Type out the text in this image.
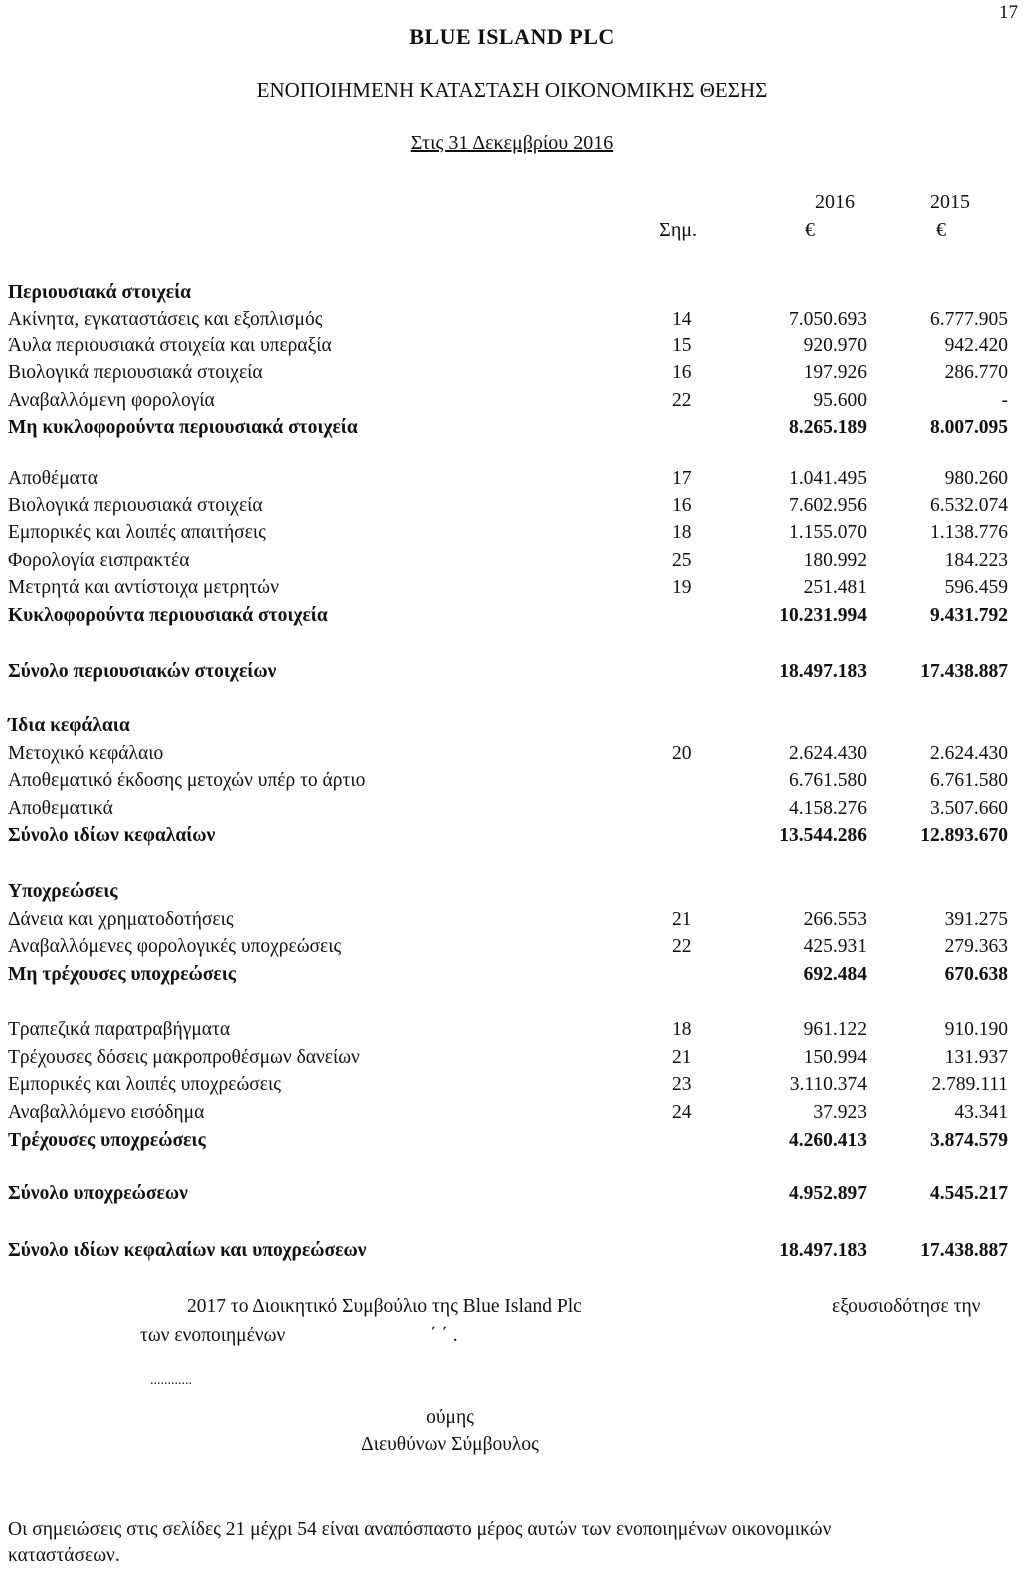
17
BLUE ISLAND PLC
ΕΝΟΠΟΙΗΜΕΝΗ ΚΑΤΑΣΤΑΣΗ ΟΙΚΟΝΟΜΙΚΗΣ ΘΕΣΗΣ
Στις 31 Δεκεμβρίου 2016
2016	2015
Σημ.	€	€
Περιουσιακά στοιχεία
Ακίνητα, εγκαταστάσεις και εξοπλισμός	14	7.050.693	6.777.905
Άυλα περιουσιακά στοιχεία και υπεραξία	15	920.970	942.420
Βιολογικά περιουσιακά στοιχεία	16	197.926	286.770
Αναβαλλόμενη φορολογία	22	95.600	-
Μη κυκλοφορούντα περιουσιακά στοιχεία	8.265.189	8.007.095
Αποθέματα	17	1.041.495	980.260
Βιολογικά περιουσιακά στοιχεία	16	7.602.956	6.532.074
Εμπορικές και λοιπές απαιτήσεις	18	1.155.070	1.138.776
Φορολογία εισπρακτέα	25	180.992	184.223
Μετρητά και αντίστοιχα μετρητών	19	251.481	596.459
Κυκλοφορούντα περιουσιακά στοιχεία	10.231.994	9.431.792
Σύνολο περιουσιακών στοιχείων	18.497.183	17.438.887
Ίδια κεφάλαια
Μετοχικό κεφάλαιο	20	2.624.430	2.624.430
Αποθεματικό έκδοσης μετοχών υπέρ το άρτιο	6.761.580	6.761.580
Αποθεματικά	4.158.276	3.507.660
Σύνολο ιδίων κεφαλαίων	13.544.286	12.893.670
Υποχρεώσεις
Δάνεια και χρηματοδοτήσεις	21	266.553	391.275
Αναβαλλόμενες φορολογικές υποχρεώσεις	22	425.931	279.363
Μη τρέχουσες υποχρεώσεις	692.484	670.638
Τραπεζικά παρατραβήγματα	18	961.122	910.190
Τρέχουσες δόσεις μακροπροθέσμων δανείων	21	150.994	131.937
Εμπορικές και λοιπές υποχρεώσεις	23	3.110.374	2.789.111
Αναβαλλόμενο εισόδημα	24	37.923	43.341
Τρέχουσες υποχρεώσεις	4.260.413	3.874.579
Σύνολο υποχρεώσεων	4.952.897	4.545.217
Σύνολο ιδίων κεφαλαίων και υποχρεώσεων	18.497.183	17.438.887
2017 το Διοικητικό Συμβούλιο της Blue Island Plc	εξουσιοδότησε την
των ενοποιημένων	΄ ΄ .
............
ούμης
Διευθύνων Σύμβουλος
Οι σημειώσεις στις σελίδες 21 μέχρι 54 είναι αναπόσπαστο μέρος αυτών των ενοποιημένων οικονομικών
καταστάσεων.
